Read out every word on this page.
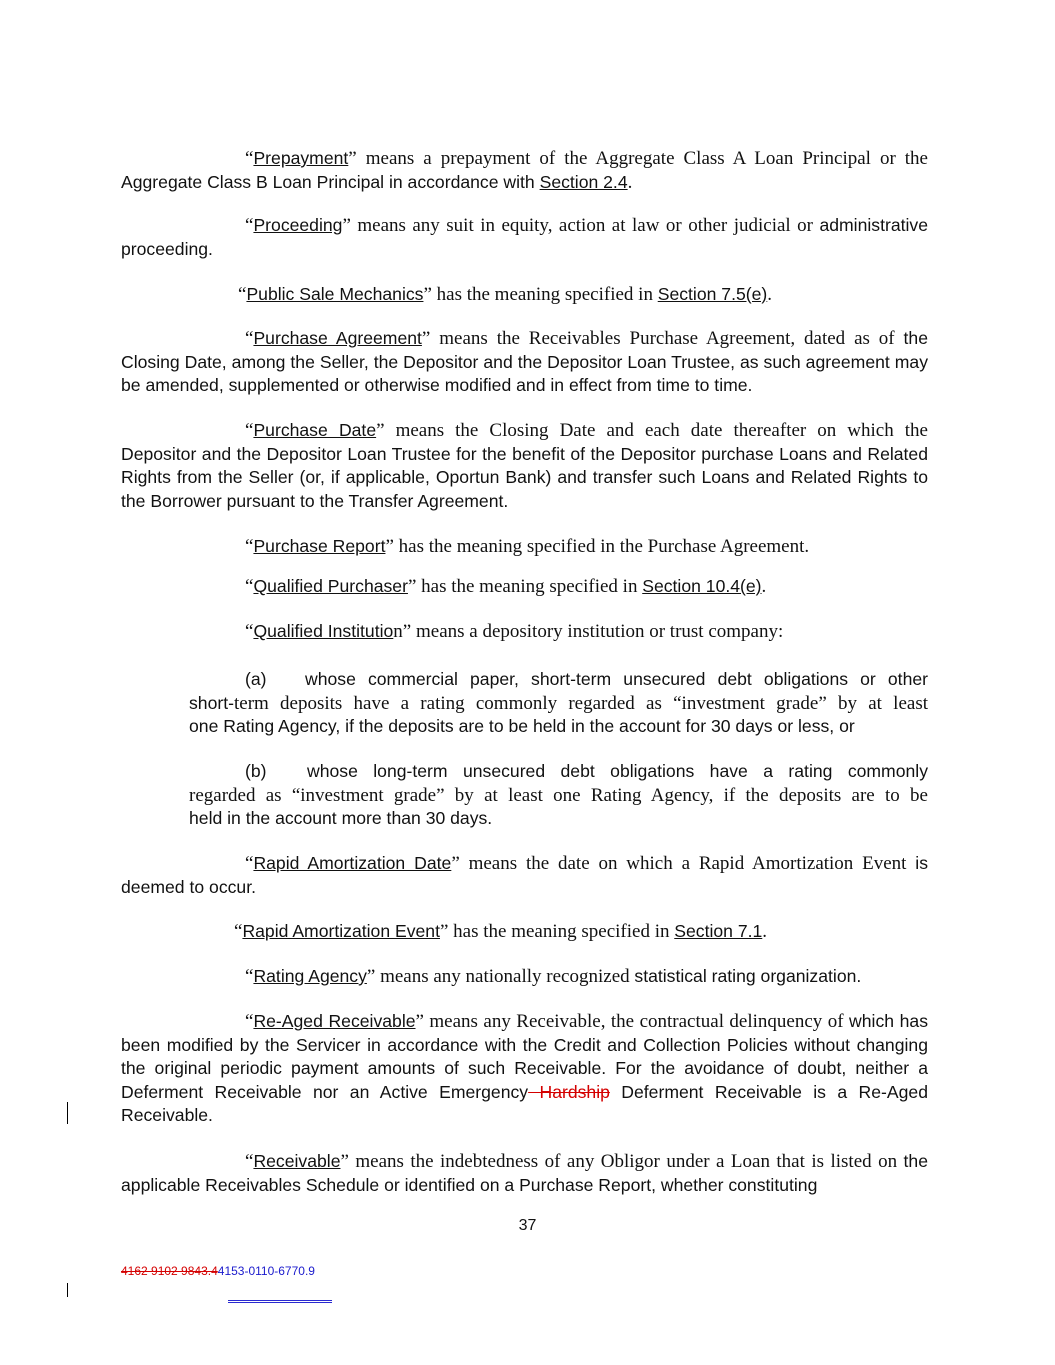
“Prepayment” means a prepayment of the Aggregate Class A Loan Principal or the Aggregate Class B Loan Principal in accordance with Section 2.4.

“Proceeding” means any suit in equity, action at law or other judicial or administrative proceeding.

“Public Sale Mechanics” has the meaning specified in Section 7.5(e).

“Purchase Agreement” means the Receivables Purchase Agreement, dated as of the Closing Date, among the Seller, the Depositor and the Depositor Loan Trustee, as such agreement may be amended, supplemented or otherwise modified and in effect from time to time.

“Purchase Date” means the Closing Date and each date thereafter on which the Depositor and the Depositor Loan Trustee for the benefit of the Depositor purchase Loans and Related Rights from the Seller (or, if applicable, Oportun Bank) and transfer such Loans and Related Rights to the Borrower pursuant to the Transfer Agreement.

“Purchase Report” has the meaning specified in the Purchase Agreement.

“Qualified Purchaser” has the meaning specified in Section 10.4(e).

“Qualified Institution” means a depository institution or trust company:

(a)	whose commercial paper, short-term unsecured debt obligations or other
short-term deposits have a rating commonly regarded as “investment grade” by at least
one Rating Agency, if the deposits are to be held in the account for 30 days or less, or
(b)	whose long-term unsecured debt obligations have a rating commonly
regarded as “investment grade” by at least one Rating Agency, if the deposits are to be
held in the account more than 30 days.

“Rapid Amortization Date” means the date on which a Rapid Amortization Event is deemed to occur.

“Rapid Amortization Event” has the meaning specified in Section 7.1.

“Rating Agency” means any nationally recognized statistical rating organization.

“Re-Aged Receivable” means any Receivable, the contractual delinquency of which has been modified by the Servicer in accordance with the Credit and Collection Policies without changing the original periodic payment amounts of such Receivable. For the avoidance of doubt, neither a Deferment Receivable nor an Active Emergency Hardship Deferment Receivable is a Re-Aged Receivable.

“Receivable” means the indebtedness of any Obligor under a Loan that is listed on the applicable Receivables Schedule or identified on a Purchase Report, whether constituting

37
4162 9102 9843.44153-0110-6770.9
